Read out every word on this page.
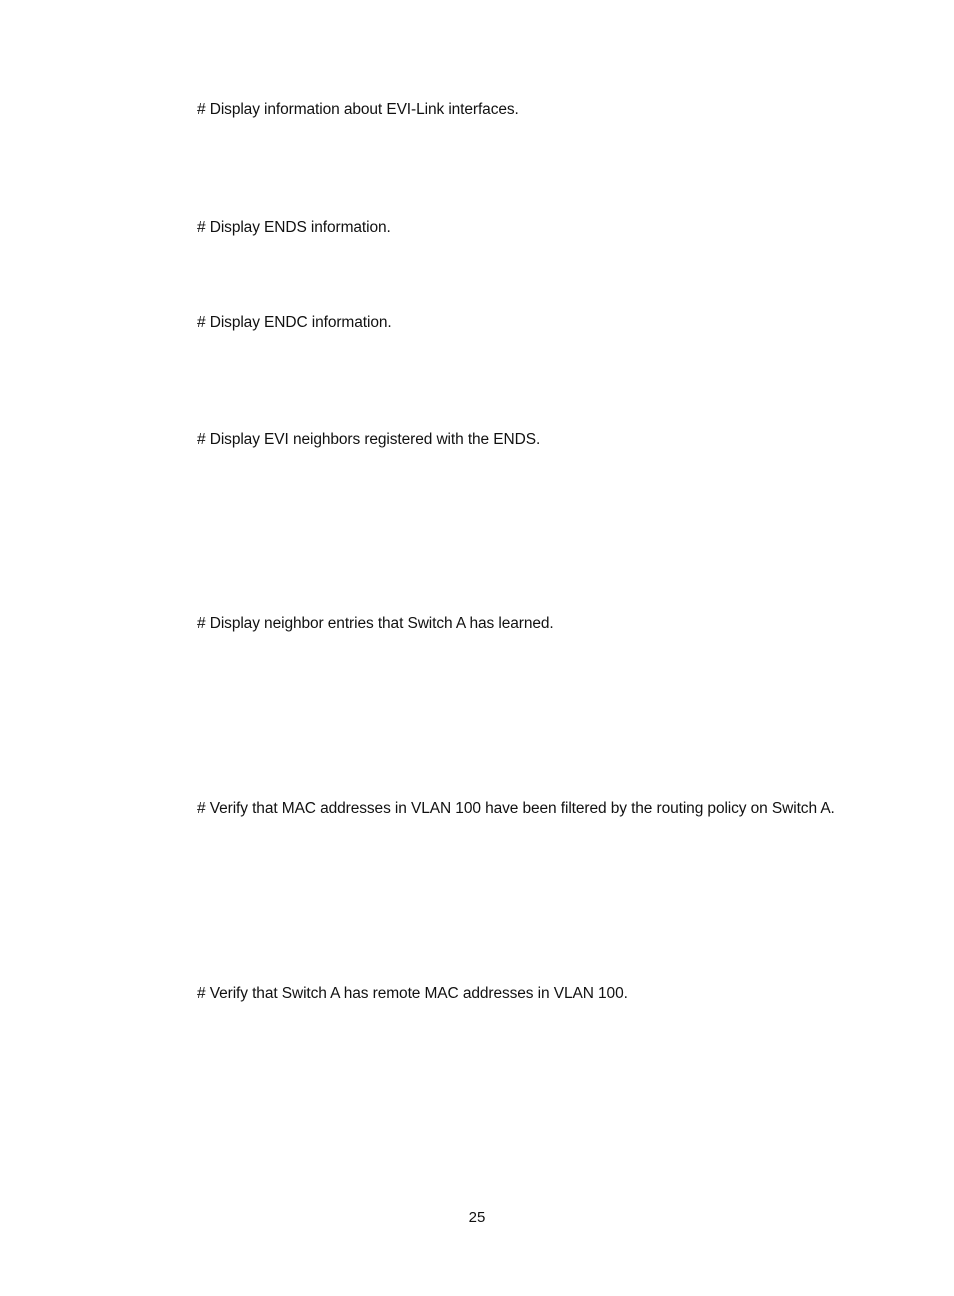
# Display information about EVI-Link interfaces.

# Display ENDS information.

# Display ENDC information.

# Display EVI neighbors registered with the ENDS.

# Display neighbor entries that Switch A has learned.

# Verify that MAC addresses in VLAN 100 have been filtered by the routing policy on Switch A.

# Verify that Switch A has remote MAC addresses in VLAN 100.

25
